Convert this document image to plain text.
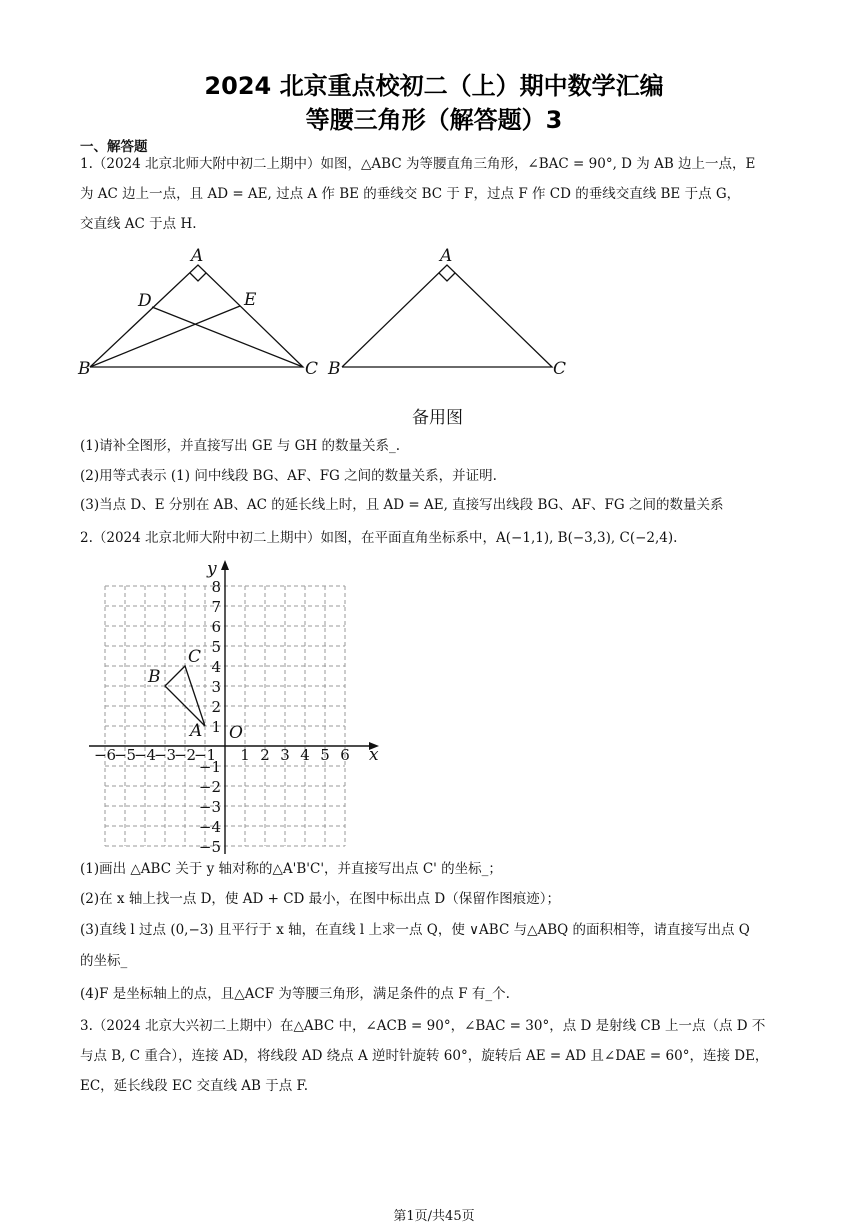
2024 北京重点校初二（上）期中数学汇编
等腰三角形（解答题）3
一、解答题
1.（2024 北京北师大附中初二上期中）如图，△ABC 为等腰直角三角形，∠BAC = 90°, D 为 AB 边上一点，E
为 AC 边上一点，且 AD = AE, 过点 A 作 BE 的垂线交 BC 于 F，过点 F 作 CD 的垂线交直线 BE 于点 G，
交直线 AC 于点 H.
A
D	E
B	C
A
B	C
备用图
(1)请补全图形，并直接写出 GE 与 GH 的数量关系_.
(2)用等式表示 (1) 问中线段 BG、AF、FG 之间的数量关系，并证明.
(3)当点 D、E 分别在 AB、AC 的延长线上时，且 AD = AE, 直接写出线段 BG、AF、FG 之间的数量关系
2.（2024 北京北师大附中初二上期中）如图，在平面直角坐标系中，A(−1,1), B(−3,3), C(−2,4).
x
y
O
−6
−5
−4
−3
−2
−1 1 2 3 4 5 6
8
7
6
5
4
3
2
1
−1
−2
−3
−4
−5
A
B
C
(1)画出 △ABC 关于 y 轴对称的△A'B'C'，并直接写出点 C' 的坐标_；
(2)在 x 轴上找一点 D，使 AD + CD 最小，在图中标出点 D（保留作图痕迹）；
(3)直线 l 过点 (0,−3) 且平行于 x 轴，在直线 l 上求一点 Q，使 ∨ABC 与△ABQ 的面积相等，请直接写出点 Q
的坐标_
(4)F 是坐标轴上的点，且△ACF 为等腰三角形，满足条件的点 F 有_个.
3.（2024 北京大兴初二上期中）在△ABC 中，∠ACB = 90°，∠BAC = 30°，点 D 是射线 CB 上一点（点 D 不
与点 B, C 重合），连接 AD，将线段 AD 绕点 A 逆时针旋转 60°，旋转后 AE = AD 且∠DAE = 60°，连接 DE，
EC，延长线段 EC 交直线 AB 于点 F.
第1页/共45页
